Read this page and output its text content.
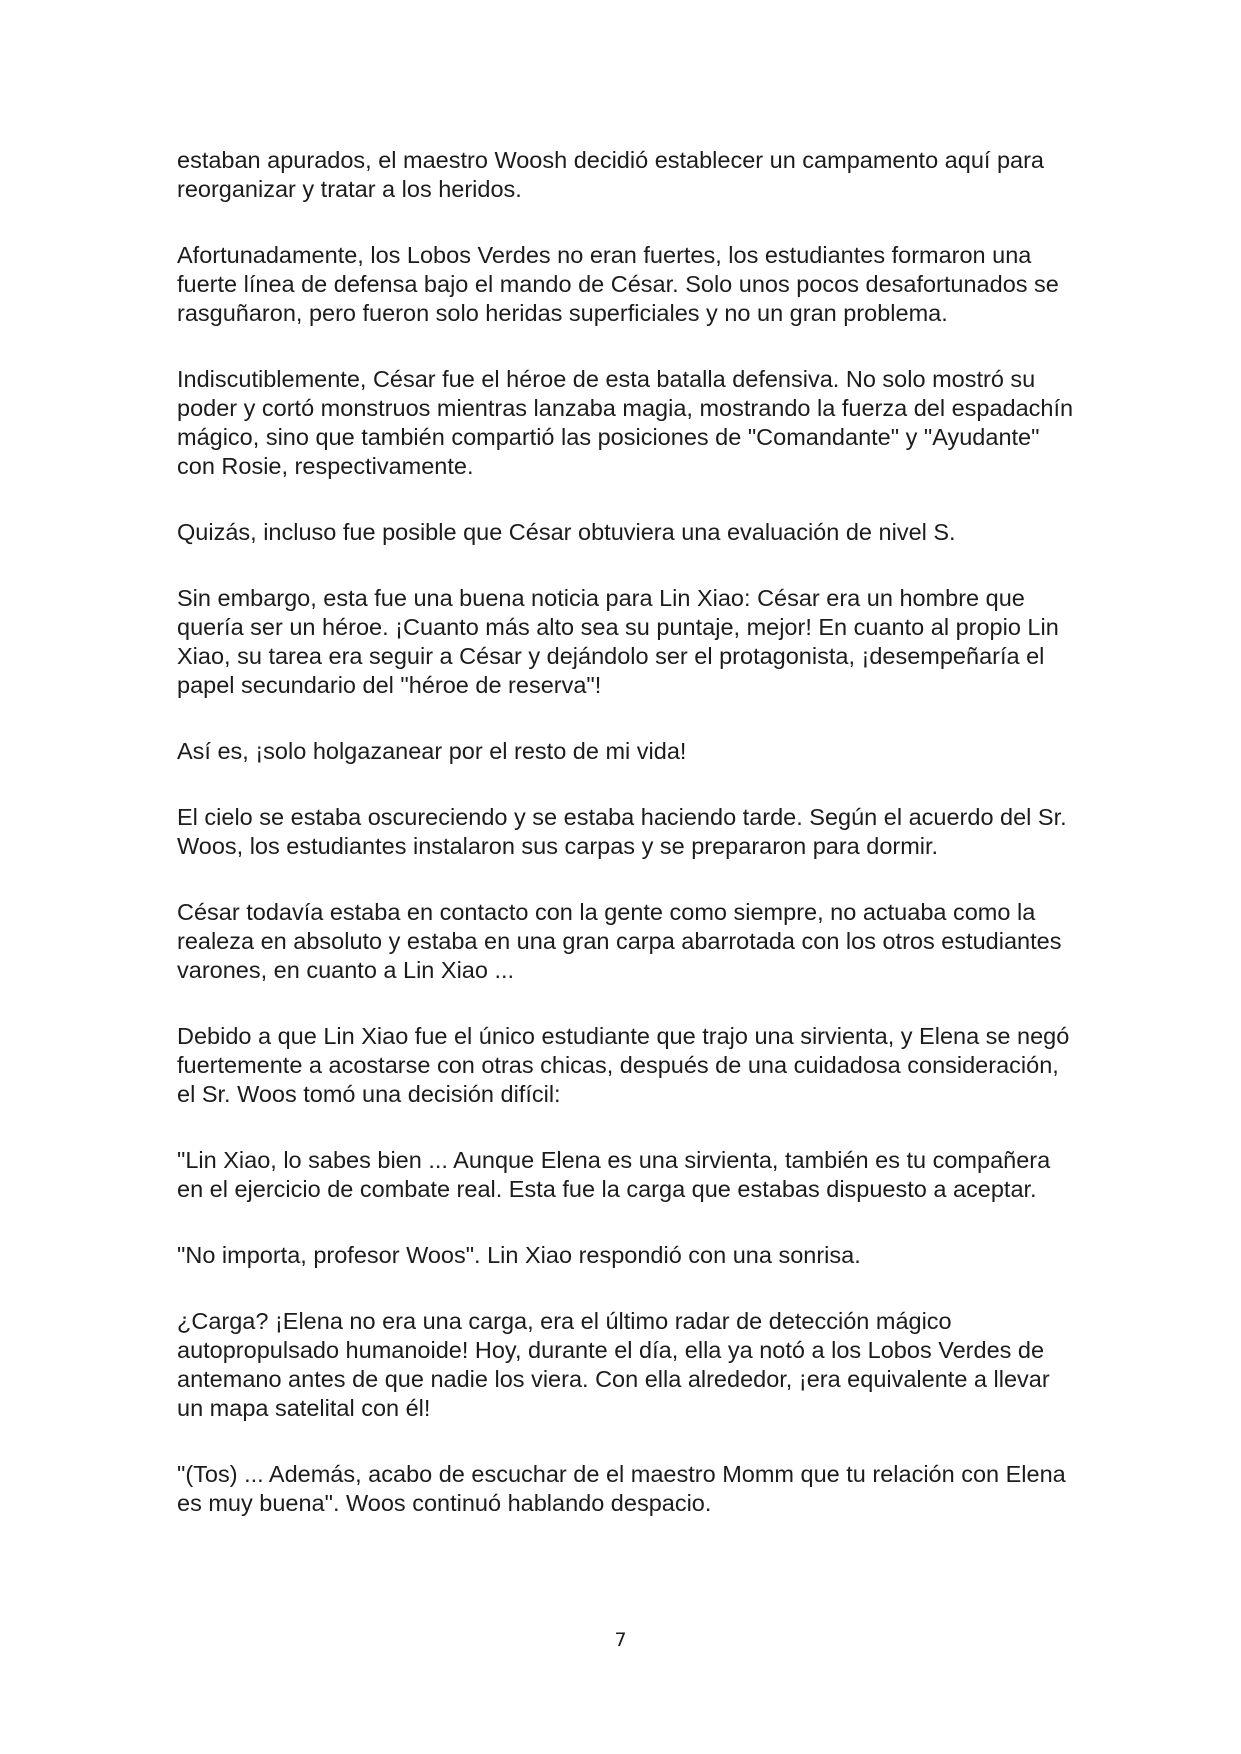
estaban apurados, el maestro Woosh decidió establecer un campamento aquí para reorganizar y tratar a los heridos.

Afortunadamente, los Lobos Verdes no eran fuertes, los estudiantes formaron una fuerte línea de defensa bajo el mando de César. Solo unos pocos desafortunados se rasguñaron, pero fueron solo heridas superficiales y no un gran problema.

Indiscutiblemente, César fue el héroe de esta batalla defensiva. No solo mostró su poder y cortó monstruos mientras lanzaba magia, mostrando la fuerza del espadachín mágico, sino que también compartió las posiciones de "Comandante" y "Ayudante" con Rosie, respectivamente.

Quizás, incluso fue posible que César obtuviera una evaluación de nivel S.

Sin embargo, esta fue una buena noticia para Lin Xiao: César era un hombre que quería ser un héroe. ¡Cuanto más alto sea su puntaje, mejor! En cuanto al propio Lin Xiao, su tarea era seguir a César y dejándolo ser el protagonista, ¡desempeñaría el papel secundario del "héroe de reserva"!

Así es, ¡solo holgazanear por el resto de mi vida!

El cielo se estaba oscureciendo y se estaba haciendo tarde. Según el acuerdo del Sr. Woos, los estudiantes instalaron sus carpas y se prepararon para dormir.

César todavía estaba en contacto con la gente como siempre, no actuaba como la realeza en absoluto y estaba en una gran carpa abarrotada con los otros estudiantes varones, en cuanto a Lin Xiao ...

Debido a que Lin Xiao fue el único estudiante que trajo una sirvienta, y Elena se negó fuertemente a acostarse con otras chicas, después de una cuidadosa consideración, el Sr. Woos tomó una decisión difícil:

"Lin Xiao, lo sabes bien ... Aunque Elena es una sirvienta, también es tu compañera en el ejercicio de combate real. Esta fue la carga que estabas dispuesto a aceptar.

"No importa, profesor Woos". Lin Xiao respondió con una sonrisa.

¿Carga? ¡Elena no era una carga, era el último radar de detección mágico autopropulsado humanoide! Hoy, durante el día, ella ya notó a los Lobos Verdes de antemano antes de que nadie los viera. Con ella alrededor, ¡era equivalente a llevar un mapa satelital con él!

"(Tos) ... Además, acabo de escuchar de el maestro Momm que tu relación con Elena es muy buena". Woos continuó hablando despacio.

7
